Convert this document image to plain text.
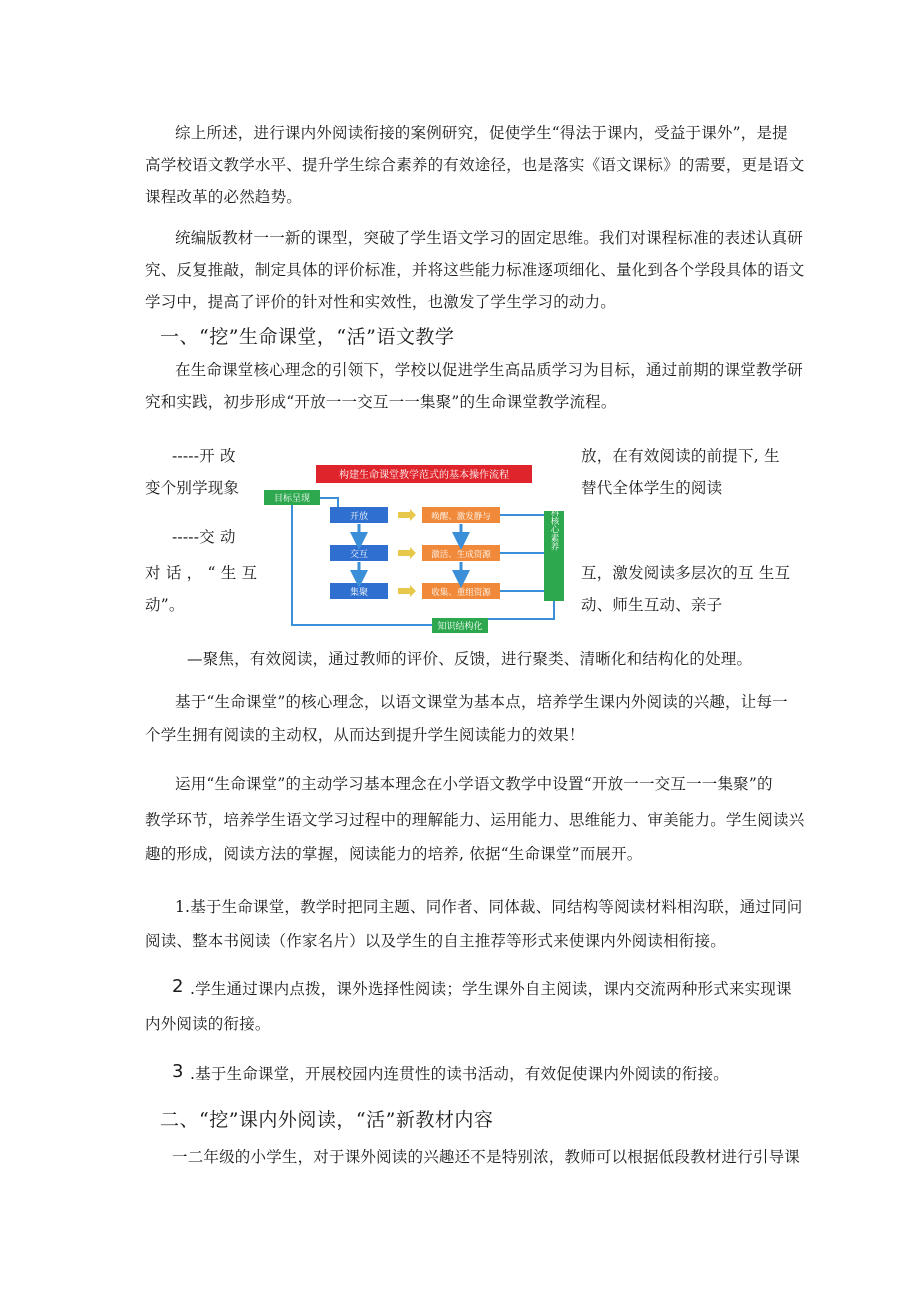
综上所述，进行课内外阅读衔接的案例研究，促使学生“得法于课内，受益于课外”，是提
高学校语文教学水平、提升学生综合素养的有效途径，也是落实《语文课标》的需要，更是语文
课程改革的必然趋势。
统编版教材一一新的课型，突破了学生语文学习的固定思维。我们对课程标准的表述认真研
究、反复推敲，制定具体的评价标准，并将这些能力标准逐项细化、量化到各个学段具体的语文
学习中，提高了评价的针对性和实效性，也激发了学生学习的动力。
一、“挖”生命课堂，“活”语文教学
在生命课堂核心理念的引领下，学校以促进学生高品质学习为目标，通过前期的课堂教学研
究和实践，初步形成“开放一一交互一一集聚”的生命课堂教学流程。
-----开 改
变个别学现象
-----交 动
对 话 ， “ 生 互
动”。
放，在有效阅读的前提下, 生
替代全体学生的阅读
互，激发阅读多层次的互 生互
动、师生互动、亲子
构建生命课堂教学范式的基本操作流程
目标呈现
开放
交互
集聚
唤醒、激发静与
激活、生成资源
收集、重组资源
学科核心素养
知识结构化
—聚焦，有效阅读，通过教师的评价、反馈，进行聚类、清晰化和结构化的处理。
基于“生命课堂”的核心理念，以语文课堂为基本点，培养学生课内外阅读的兴趣，让每一
个学生拥有阅读的主动权，从而达到提升学生阅读能力的效果！
运用“生命课堂”的主动学习基本理念在小学语文教学中设置“开放一一交互一一集聚”的
教学环节，培养学生语文学习过程中的理解能力、运用能力、思维能力、审美能力。学生阅读兴
趣的形成，阅读方法的掌握，阅读能力的培养, 依据“生命课堂”而展开。
1.基于生命课堂，教学时把同主题、同作者、同体裁、同结构等阅读材料相沟联，通过同问
阅读、整本书阅读（作家名片）以及学生的自主推荐等形式来使课内外阅读相衔接。
2 .学生通过课内点拨，课外选择性阅读；学生课外自主阅读，课内交流两种形式来实现课
内外阅读的衔接。
3 .基于生命课堂，开展校园内连贯性的读书活动，有效促使课内外阅读的衔接。
二、“挖”课内外阅读，“活”新教材内容
一二年级的小学生，对于课外阅读的兴趣还不是特别浓，教师可以根据低段教材进行引导课
